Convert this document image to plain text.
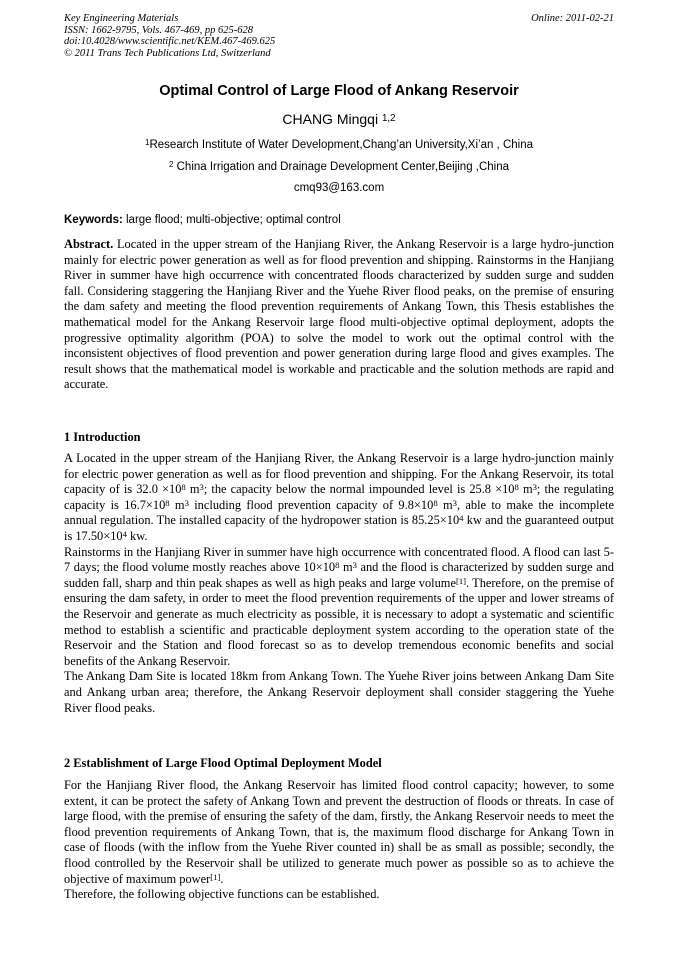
Key Engineering Materials	Online: 2011-02-21
ISSN: 1662-9795, Vols. 467-469, pp 625-628
doi:10.4028/www.scientific.net/KEM.467-469.625
© 2011 Trans Tech Publications Ltd, Switzerland
Optimal Control of Large Flood of Ankang Reservoir
CHANG Mingqi $^{1,2}$
$^1$Research Institute of Water Development,Chang’an University,Xi’an , China
$^2$ China Irrigation and Drainage Development Center,Beijing ,China
cmq93@163.com
Keywords: large flood; multi-objective; optimal control

Abstract. Located in the upper stream of the Hanjiang River, the Ankang Reservoir is a large hydro-junction mainly for electric power generation as well as for flood prevention and shipping. Rainstorms in the Hanjiang River in summer have high occurrence with concentrated floods characterized by sudden surge and sudden fall. Considering staggering the Hanjiang River and the Yuehe River flood peaks, on the premise of ensuring the dam safety and meeting the flood prevention requirements of Ankang Town, this Thesis establishes the mathematical model for the Ankang Reservoir large flood multi-objective optimal deployment, adopts the progressive optimality algorithm (POA) to solve the model to work out the optimal control with the inconsistent objectives of flood prevention and power generation during large flood and gives examples. The result shows that the mathematical model is workable and practicable and the solution methods are rapid and accurate.

1 Introduction

A Located in the upper stream of the Hanjiang River, the Ankang Reservoir is a large hydro-junction mainly for electric power generation as well as for flood prevention and shipping. For the Ankang Reservoir, its total capacity of is $32.0 \times 10^8$ $m^3$; the capacity below the normal impounded level is $25.8 \times 10^8$ $m^3$; the regulating capacity is $16.7\times 10^8$ $m^3$ including flood prevention capacity of $9.8\times 10^8$ $m^3$, able to make the incomplete annual regulation. The installed capacity of the hydropower station is $85.25\times 10^4$ kw and the guaranteed output is $17.50\times 10^4$ kw.

Rainstorms in the Hanjiang River in summer have high occurrence with concentrated flood. A flood can last 5-7 days; the flood volume mostly reaches above $10\times 10^8$ $m^3$ and the flood is characterized by sudden surge and sudden fall, sharp and thin peak shapes as well as high peaks and large volume[1]. Therefore, on the premise of ensuring the dam safety, in order to meet the flood prevention requirements of the upper and lower streams of the Reservoir and generate as much electricity as possible, it is necessary to adopt a systematic and scientific method to establish a scientific and practicable deployment system according to the operation state of the Reservoir and the Station and flood forecast so as to develop tremendous economic benefits and social benefits of the Ankang Reservoir.

The Ankang Dam Site is located 18km from Ankang Town. The Yuehe River joins between Ankang Dam Site and Ankang urban area; therefore, the Ankang Reservoir deployment shall consider staggering the Yuehe River flood peaks.

2 Establishment of Large Flood Optimal Deployment Model

For the Hanjiang River flood, the Ankang Reservoir has limited flood control capacity; however, to some extent, it can be protect the safety of Ankang Town and prevent the destruction of floods or threats. In case of large flood, with the premise of ensuring the safety of the dam, firstly, the Ankang Reservoir needs to meet the flood prevention requirements of Ankang Town, that is, the maximum flood discharge for Ankang Town in case of floods (with the inflow from the Yuehe River counted in) shall be as small as possible; secondly, the flood controlled by the Reservoir shall be utilized to generate much power as possible so as to achieve the objective of maximum power[1].

Therefore, the following objective functions can be established.
